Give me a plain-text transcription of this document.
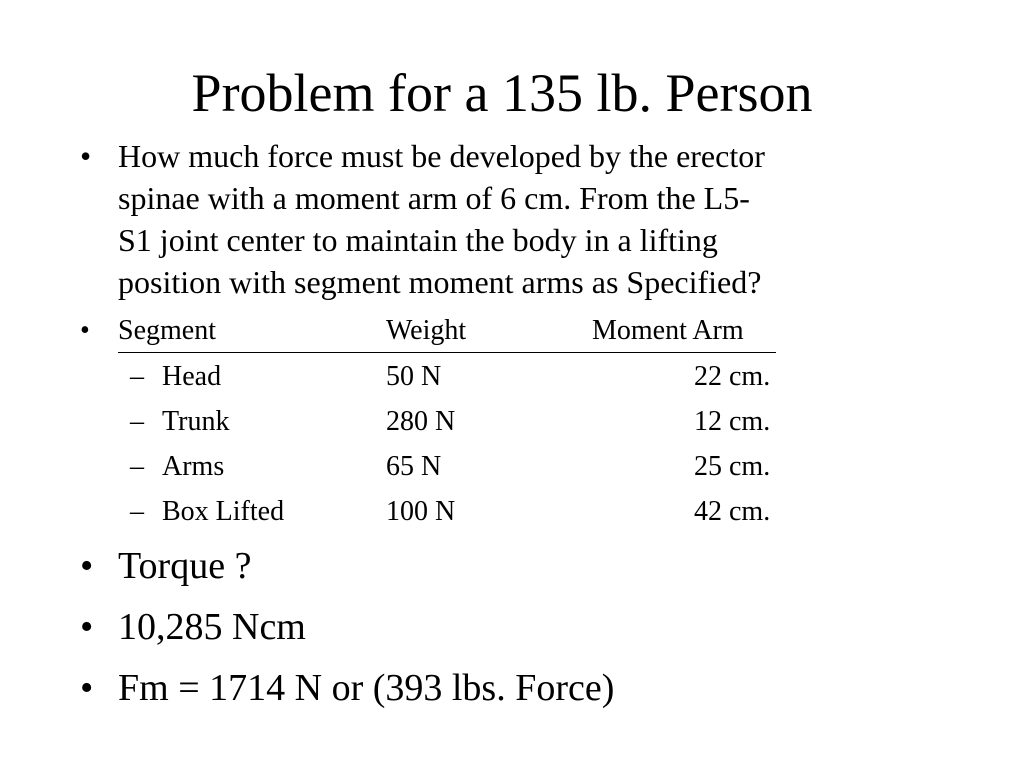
Problem for a 135 lb. Person
• How much force must be developed by the erector
spinae with a moment arm of 6 cm. From the L5-
S1 joint center to maintain the body in a lifting
position with segment moment arms as Specified?
• Segment	Weight	Moment Arm
– Head	50 N	22 cm.
– Trunk	280 N	12 cm.
– Arms	65 N	25 cm.
– Box Lifted	100 N	42 cm.
• Torque ?
• 10,285 Ncm
• Fm = 1714 N or (393 lbs. Force)
